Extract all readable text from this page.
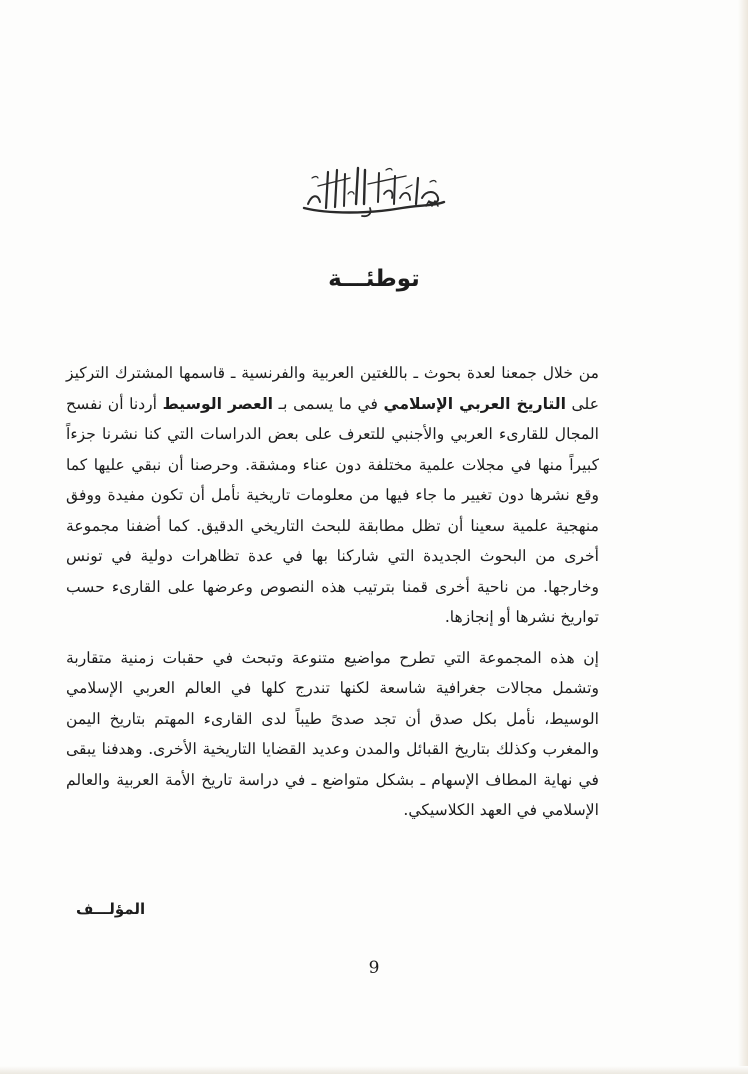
توطئـــة

من خلال جمعنا لعدة بحوث ـ باللغتين العربية والفرنسية ـ قاسمها المشترك التركيز على التاريخ العربي الإسلامي في ما يسمى بـ العصر الوسيط أردنا أن نفسح المجال للقارىء العربي والأجنبي للتعرف على بعض الدراسات التي كنا نشرنا جزءاً كبيراً منها في مجلات علمية مختلفة دون عناء ومشقة. وحرصنا أن نبقي عليها كما وقع نشرها دون تغيير ما جاء فيها من معلومات تاريخية نأمل أن تكون مفيدة ووفق منهجية علمية سعينا أن تظل مطابقة للبحث التاريخي الدقيق. كما أضفنا مجموعة أخرى من البحوث الجديدة التي شاركنا بها في عدة تظاهرات دولية في تونس وخارجها. من ناحية أخرى قمنا بترتيب هذه النصوص وعرضها على القارىء حسب تواريخ نشرها أو إنجازها.

إن هذه المجموعة التي تطرح مواضيع متنوعة وتبحث في حقبات زمنية متقاربة وتشمل مجالات جغرافية شاسعة لكنها تندرج كلها في العالم العربي الإسلامي الوسيط، نأمل بكل صدق أن تجد صدىً طيباً لدى القارىء المهتم بتاريخ اليمن والمغرب وكذلك بتاريخ القبائل والمدن وعديد القضايا التاريخية الأخرى. وهدفنا يبقى في نهاية المطاف الإسهام ـ بشكل متواضع ـ في دراسة تاريخ الأمة العربية والعالم الإسلامي في العهد الكلاسيكي.

المؤلـــف
9
